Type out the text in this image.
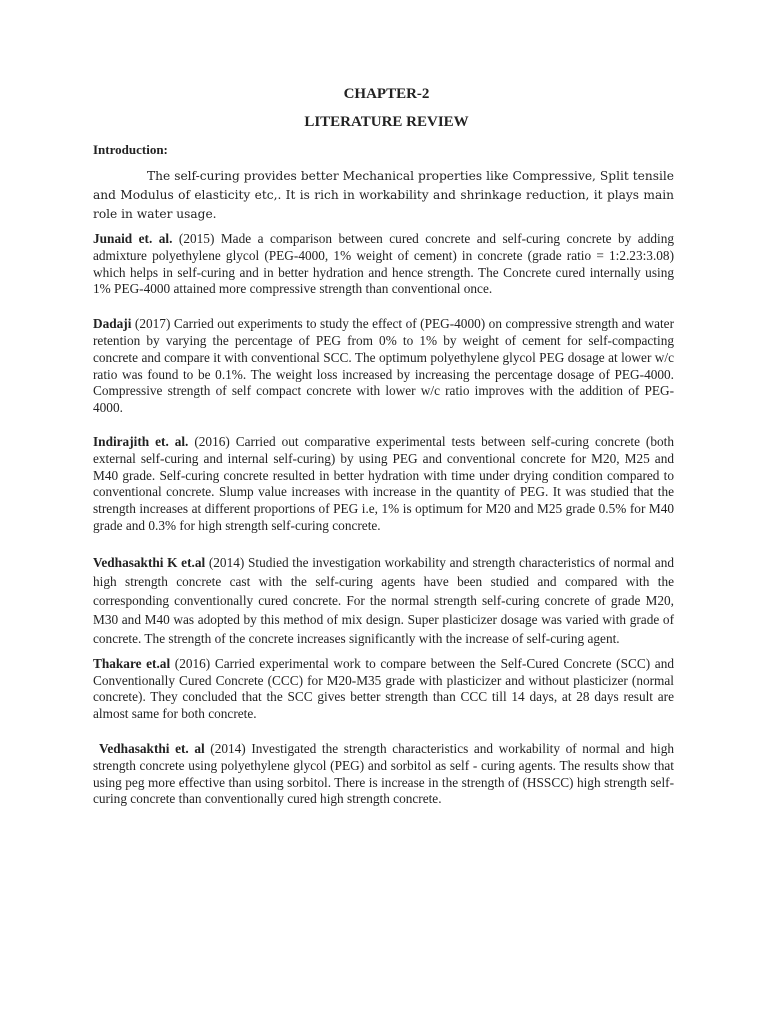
CHAPTER-2
LITERATURE REVIEW
Introduction:

The self-curing provides better Mechanical properties like Compressive, Split tensile and Modulus of elasticity etc,. It is rich in workability and shrinkage reduction, it plays main role in water usage.

Junaid et. al. (2015) Made a comparison between cured concrete and self-curing concrete by adding admixture polyethylene glycol (PEG-4000, 1% weight of cement) in concrete (grade ratio = 1:2.23:3.08) which helps in self-curing and in better hydration and hence strength. The Concrete cured internally using 1% PEG-4000 attained more compressive strength than conventional once.

Dadaji (2017) Carried out experiments to study the effect of (PEG-4000) on compressive strength and water retention by varying the percentage of PEG from 0% to 1% by weight of cement for self-compacting concrete and compare it with conventional SCC. The optimum polyethylene glycol PEG dosage at lower w/c ratio was found to be 0.1%. The weight loss increased by increasing the percentage dosage of PEG-4000. Compressive strength of self compact concrete with lower w/c ratio improves with the addition of PEG-4000.

Indirajith et. al. (2016) Carried out comparative experimental tests between self-curing concrete (both external self-curing and internal self-curing) by using PEG and conventional concrete for M20, M25 and M40 grade. Self-curing concrete resulted in better hydration with time under drying condition compared to conventional concrete. Slump value increases with increase in the quantity of PEG. It was studied that the strength increases at different proportions of PEG i.e, 1% is optimum for M20 and M25 grade 0.5% for M40 grade and 0.3% for high strength self-curing concrete.

Vedhasakthi K et.al (2014) Studied the investigation workability and strength characteristics of normal and high strength concrete cast with the self-curing agents have been studied and compared with the corresponding conventionally cured concrete. For the normal strength self-curing concrete of grade M20, M30 and M40 was adopted by this method of mix design. Super plasticizer dosage was varied with grade of concrete. The strength of the concrete increases significantly with the increase of self-curing agent.

Thakare et.al (2016) Carried experimental work to compare between the Self-Cured Concrete (SCC) and Conventionally Cured Concrete (CCC) for M20-M35 grade with plasticizer and without plasticizer (normal concrete). They concluded that the SCC gives better strength than CCC till 14 days, at 28 days result are almost same for both concrete.

Vedhasakthi et. al (2014) Investigated the strength characteristics and workability of normal and high strength concrete using polyethylene glycol (PEG) and sorbitol as self - curing agents. The results show that using peg more effective than using sorbitol. There is increase in the strength of (HSSCC) high strength self-curing concrete than conventionally cured high strength concrete.
